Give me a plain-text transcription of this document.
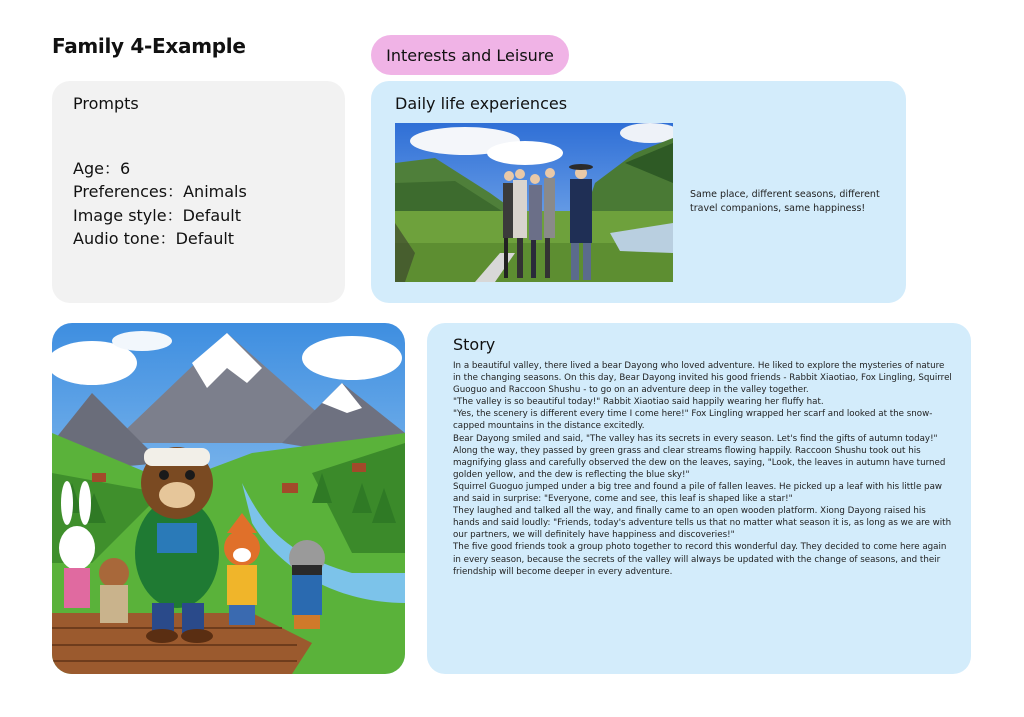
Family 4-Example	Interests and Leisure
Prompts
Age：6
Preferences：Animals
Image style：Default
Audio tone：Default
Daily life experiences
Same place, different seasons, different travel companions, same happiness!
Story

In a beautiful valley, there lived a bear Dayong who loved adventure. He liked to explore the mysteries of nature in the changing seasons. On this day, Bear Dayong invited his good friends - Rabbit Xiaotiao, Fox Lingling, Squirrel Guoguo and Raccoon Shushu - to go on an adventure deep in the valley together.

"The valley is so beautiful today!" Rabbit Xiaotiao said happily wearing her fluffy hat.

"Yes, the scenery is different every time I come here!" Fox Lingling wrapped her scarf and looked at the snow-capped mountains in the distance excitedly.

Bear Dayong smiled and said, "The valley has its secrets in every season. Let's find the gifts of autumn today!"

Along the way, they passed by green grass and clear streams flowing happily. Raccoon Shushu took out his magnifying glass and carefully observed the dew on the leaves, saying, "Look, the leaves in autumn have turned golden yellow, and the dew is reflecting the blue sky!"

Squirrel Guoguo jumped under a big tree and found a pile of fallen leaves. He picked up a leaf with his little paw and said in surprise: "Everyone, come and see, this leaf is shaped like a star!"

They laughed and talked all the way, and finally came to an open wooden platform. Xiong Dayong raised his hands and said loudly: "Friends, today's adventure tells us that no matter what season it is, as long as we are with our partners, we will definitely have happiness and discoveries!"

The five good friends took a group photo together to record this wonderful day. They decided to come here again in every season, because the secrets of the valley will always be updated with the change of seasons, and their friendship will become deeper in every adventure.
